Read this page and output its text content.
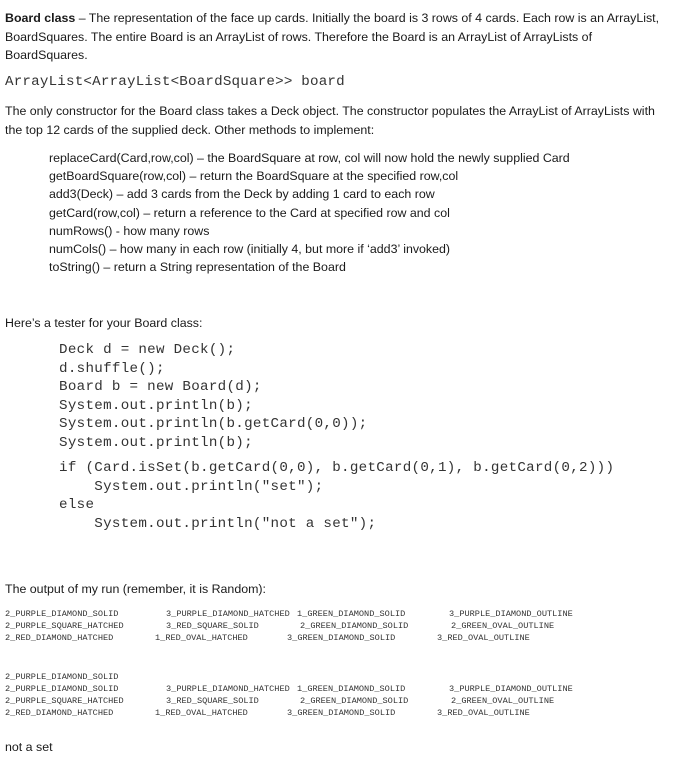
Board class – The representation of the face up cards. Initially the board is 3 rows of 4 cards. Each row is an ArrayList, BoardSquares. The entire Board is an ArrayList of rows. Therefore the Board is an ArrayList of ArrayLists of BoardSquares.

ArrayList<ArrayList<BoardSquare>> board

The only constructor for the Board class takes a Deck object. The constructor populates the ArrayList of ArrayLists with the top 12 cards of the supplied deck. Other methods to implement:

replaceCard(Card,row,col) – the BoardSquare at row, col will now hold the newly supplied Card
getBoardSquare(row,col) – return the BoardSquare at the specified row,col
add3(Deck) – add 3 cards from the Deck by adding 1 card to each row
getCard(row,col) – return a reference to the Card at specified row and col
numRows() - how many rows
numCols() – how many in each row (initially 4, but more if ‘add3’ invoked)
toString() – return a String representation of the Board

Here’s a tester for your Board class:

Deck d = new Deck();
d.shuffle();
Board b = new Board(d);
System.out.println(b);
System.out.println(b.getCard(0,0));
System.out.println(b);
if (Card.isSet(b.getCard(0,0), b.getCard(0,1), b.getCard(0,2)))
System.out.println("set");
else
System.out.println("not a set");

The output of my run (remember, it is Random):

2_PURPLE_DIAMOND_SOLID	3_PURPLE_DIAMOND_HATCHED 1_GREEN_DIAMOND_SOLID	3_PURPLE_DIAMOND_OUTLINE
2_PURPLE_SQUARE_HATCHED	3_RED_SQUARE_SOLID	2_GREEN_DIAMOND_SOLID	2_GREEN_OVAL_OUTLINE
2_RED_DIAMOND_HATCHED	1_RED_OVAL_HATCHED	3_GREEN_DIAMOND_SOLID	3_RED_OVAL_OUTLINE
2_PURPLE_DIAMOND_SOLID
2_PURPLE_DIAMOND_SOLID	3_PURPLE_DIAMOND_HATCHED 1_GREEN_DIAMOND_SOLID	3_PURPLE_DIAMOND_OUTLINE
2_PURPLE_SQUARE_HATCHED	3_RED_SQUARE_SOLID	2_GREEN_DIAMOND_SOLID	2_GREEN_OVAL_OUTLINE
2_RED_DIAMOND_HATCHED	1_RED_OVAL_HATCHED	3_GREEN_DIAMOND_SOLID	3_RED_OVAL_OUTLINE

not a set
